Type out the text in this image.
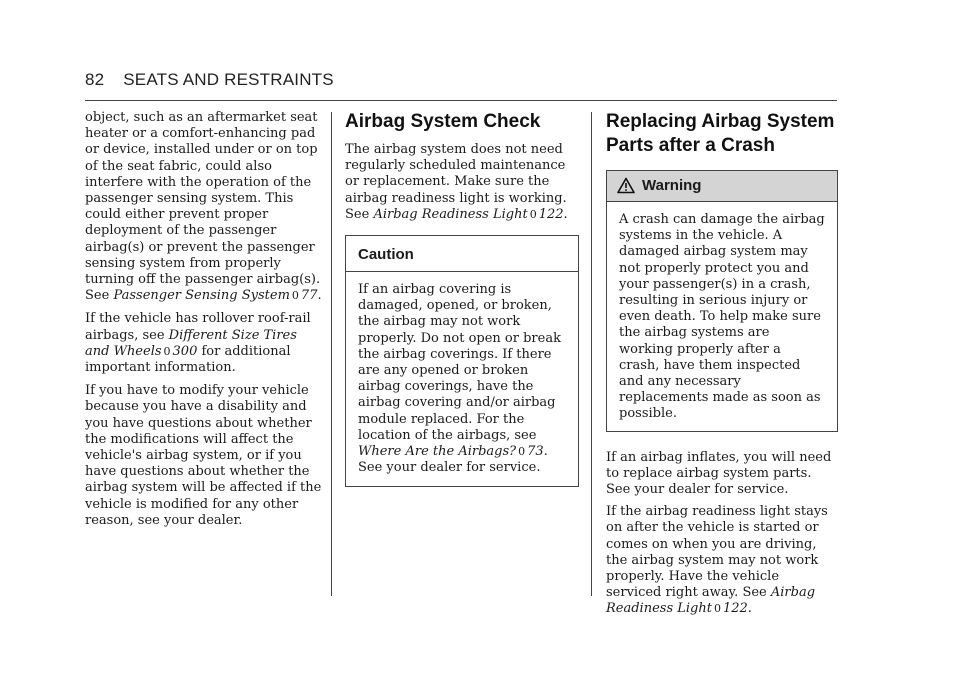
82 SEATS AND RESTRAINTS

object, such as an aftermarket seat heater or a comfort-enhancing pad or device, installed under or on top of the seat fabric, could also interfere with the operation of the passenger sensing system. This could either prevent proper deployment of the passenger airbag(s) or prevent the passenger sensing system from properly turning off the passenger airbag(s). See Passenger Sensing System 0 77.

If the vehicle has rollover roof-rail airbags, see Different Size Tires and Wheels 0 300 for additional important information.

If you have to modify your vehicle because you have a disability and you have questions about whether the modifications will affect the vehicle's airbag system, or if you have questions about whether the airbag system will be affected if the vehicle is modified for any other reason, see your dealer.

Airbag System Check

The airbag system does not need regularly scheduled maintenance or replacement. Make sure the airbag readiness light is working. See Airbag Readiness Light 0 122.

Caution

If an airbag covering is damaged, opened, or broken, the airbag may not work properly. Do not open or break the airbag coverings. If there are any opened or broken airbag coverings, have the airbag covering and/or airbag module replaced. For the location of the airbags, see Where Are the Airbags? 0 73. See your dealer for service.

Replacing Airbag System Parts after a Crash
Warning

A crash can damage the airbag systems in the vehicle. A damaged airbag system may not properly protect you and your passenger(s) in a crash, resulting in serious injury or even death. To help make sure the airbag systems are working properly after a crash, have them inspected and any necessary replacements made as soon as possible.

If an airbag inflates, you will need to replace airbag system parts. See your dealer for service.

If the airbag readiness light stays on after the vehicle is started or comes on when you are driving, the airbag system may not work properly. Have the vehicle serviced right away. See Airbag Readiness Light 0 122.
